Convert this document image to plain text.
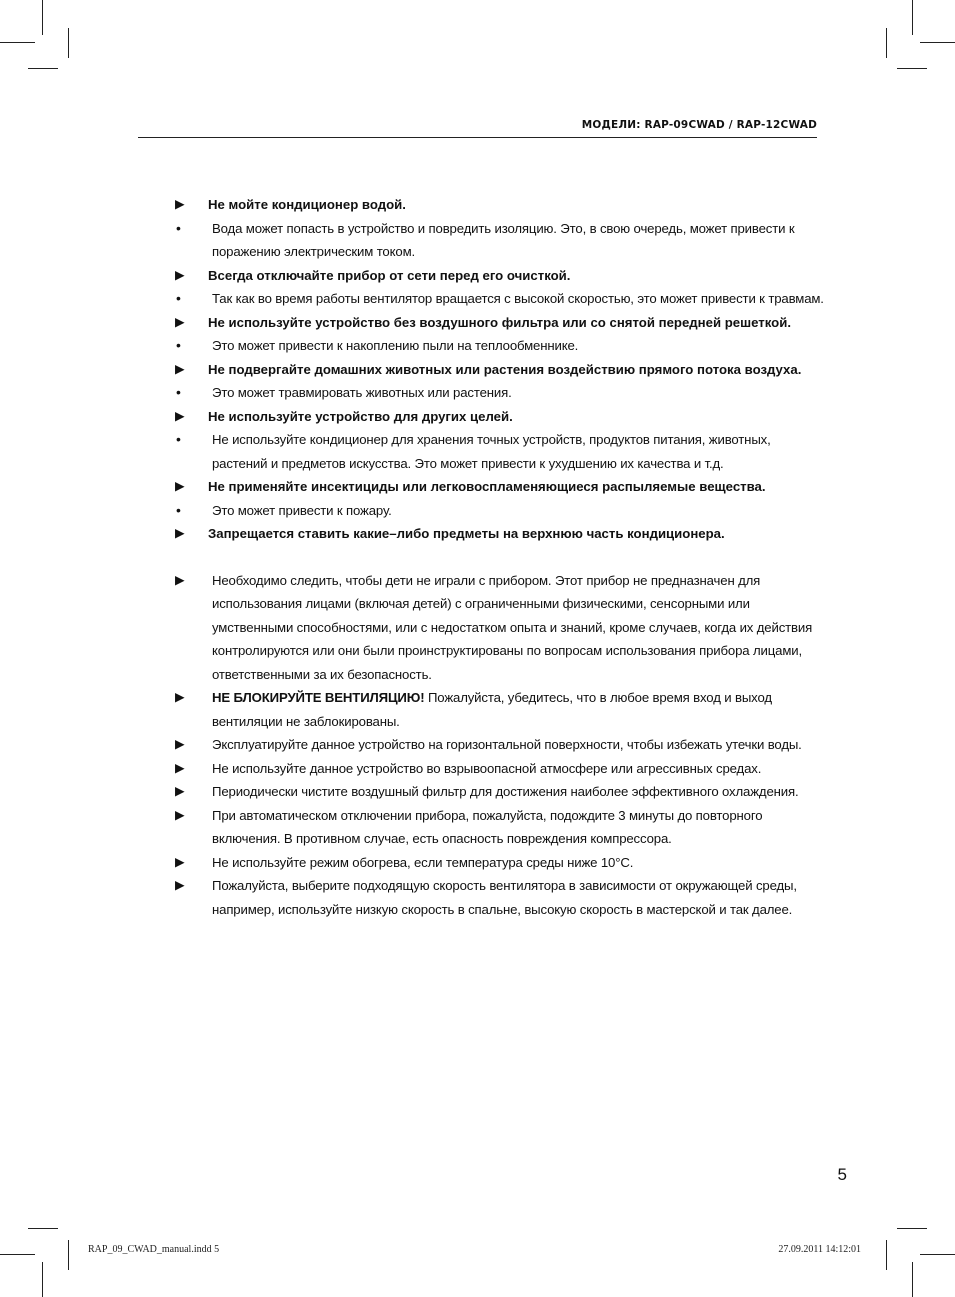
МОДЕЛИ: RAP-09CWAD / RAP-12CWAD
▶ Не мойте кондиционер водой.
• Вода может попасть в устройство и повредить изоляцию. Это, в свою очередь, может привести к поражению электрическим током.
▶ Всегда отключайте прибор от сети перед его очисткой.
• Так как во время работы вентилятор вращается с высокой скоростью, это может привести к травмам.
▶ Не используйте устройство без воздушного фильтра или со снятой передней решеткой.
• Это может привести к накоплению пыли на теплообменнике.
▶ Не подвергайте домашних животных или растения воздействию прямого потока воздуха.
• Это может травмировать животных или растения.
▶ Не используйте устройство для других целей.
• Не используйте кондиционер для хранения точных устройств, продуктов питания, животных, растений и предметов искусства. Это может привести к ухудшению их качества и т.д.
▶ Не применяйте инсектициды или легковоспламеняющиеся распыляемые вещества.
• Это может привести к пожару.
▶ Запрещается ставить какие–либо предметы на верхнюю часть кондиционера.
▶ Необходимо следить, чтобы дети не играли с прибором. Этот прибор не предназначен для использования лицами (включая детей) с ограниченными физическими, сенсорными или умственными способностями, или с недостатком опыта и знаний, кроме случаев, когда их действия контролируются или они были проинструктированы по вопросам использования прибора лицами, ответственными за их безопасность.
▶ НЕ БЛОКИРУЙТЕ ВЕНТИЛЯЦИЮ! Пожалуйста, убедитесь, что в любое время вход и выход вентиляции не заблокированы.
▶ Эксплуатируйте данное устройство на горизонтальной поверхности, чтобы избежать утечки воды.
▶ Не используйте данное устройство во взрывоопасной атмосфере или агрессивных средах.
▶ Периодически чистите воздушный фильтр для достижения наиболее эффективного охлаждения.
▶ При автоматическом отключении прибора, пожалуйста, подождите 3 минуты до повторного включения. В противном случае, есть опасность повреждения компрессора.
▶ Не используйте режим обогрева, если температура среды ниже 10°C.
▶ Пожалуйста, выберите подходящую скорость вентилятора в зависимости от окружающей среды, например, используйте низкую скорость в спальне, высокую скорость в мастерской и так далее.
5
RAP_09_CWAD_manual.indd 5	27.09.2011 14:12:01
